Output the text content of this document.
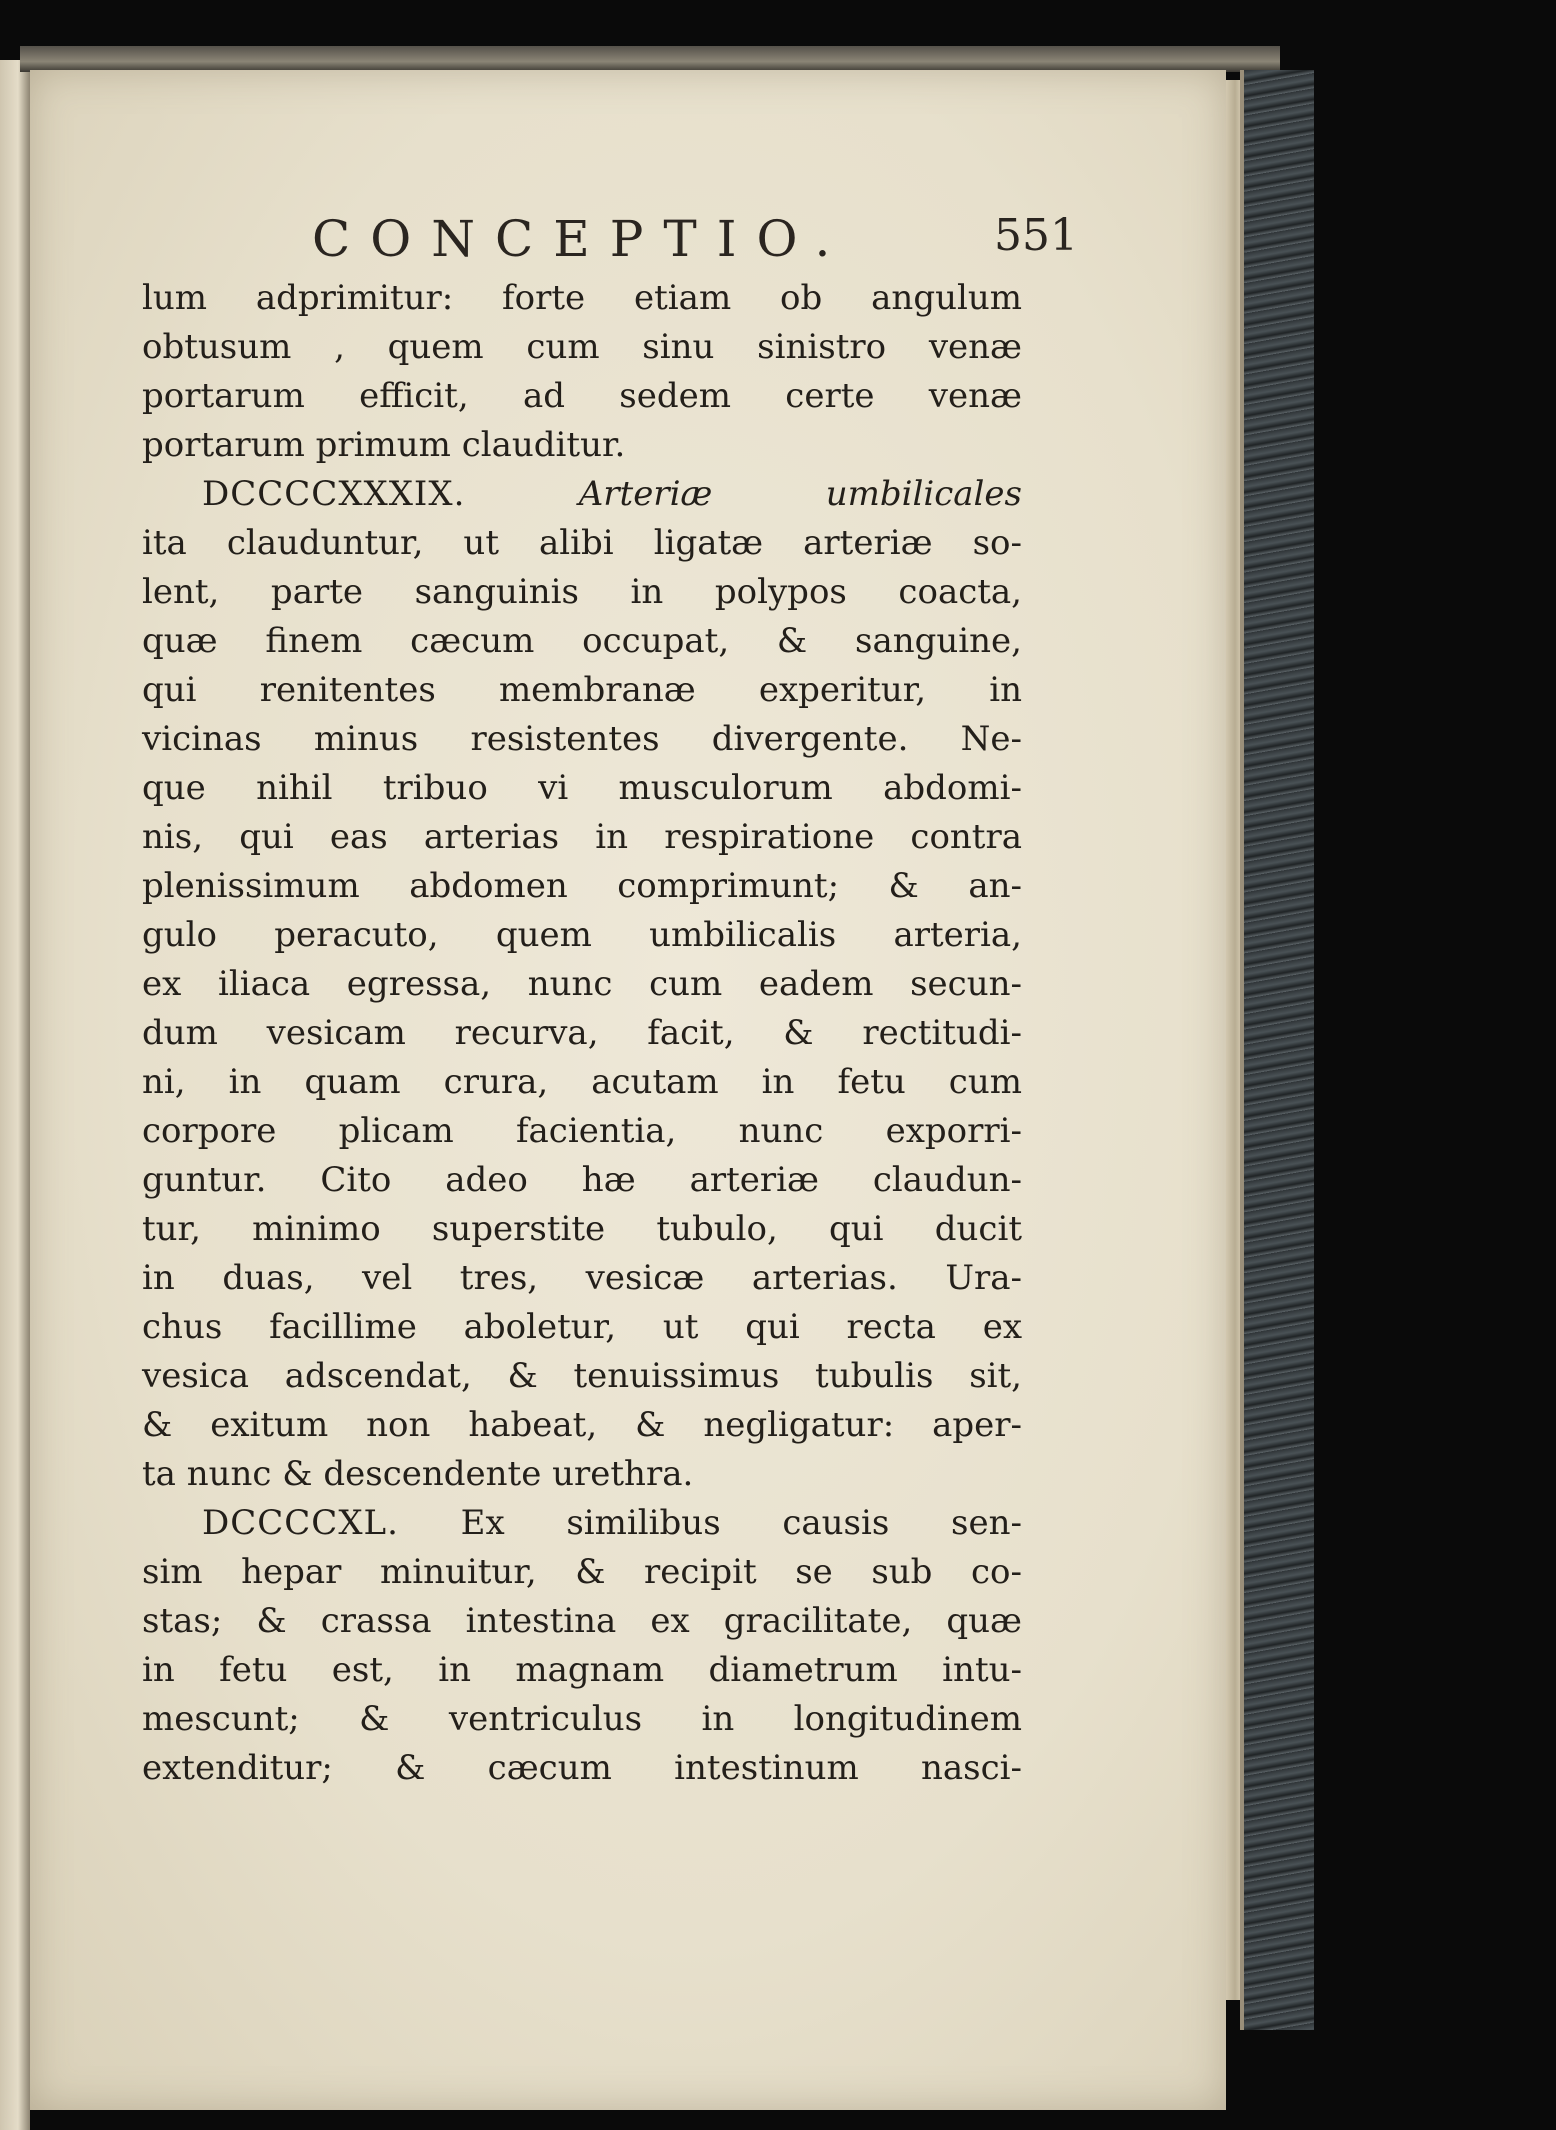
CONCEPTIO.	551
lum adprimitur: forte etiam ob angulum
obtusum , quem cum sinu sinistro venæ
portarum efficit, ad sedem certe venæ
portarum primum clauditur.
DCCCCXXXIX.	Arteriæ umbilicales
ita clauduntur, ut alibi ligatæ arteriæ so-
lent, parte sanguinis in polypos coacta,
quæ finem cæcum occupat, & sanguine,
qui renitentes membranæ experitur, in
vicinas minus resistentes divergente. Ne-
que nihil tribuo vi musculorum abdomi-
nis, qui eas arterias in respiratione contra
plenissimum abdomen comprimunt; & an-
gulo peracuto, quem umbilicalis arteria,
ex iliaca egressa, nunc cum eadem secun-
dum vesicam recurva, facit, & rectitudi-
ni, in quam crura, acutam in fetu cum
corpore plicam facientia, nunc exporri-
guntur. Cito adeo hæ arteriæ claudun-
tur, minimo superstite tubulo, qui ducit
in duas, vel tres, vesicæ arterias. Ura-
chus facillime aboletur, ut qui recta ex
vesica adscendat, & tenuissimus tubulis sit,
& exitum non habeat, & negligatur: aper-
ta nunc & descendente urethra.
DCCCCXL. Ex similibus causis sen-
sim hepar minuitur, & recipit se sub co-
stas; & crassa intestina ex gracilitate, quæ
in fetu est, in magnam diametrum intu-
mescunt; & ventriculus in longitudinem
extenditur; & cæcum intestinum nasci-
